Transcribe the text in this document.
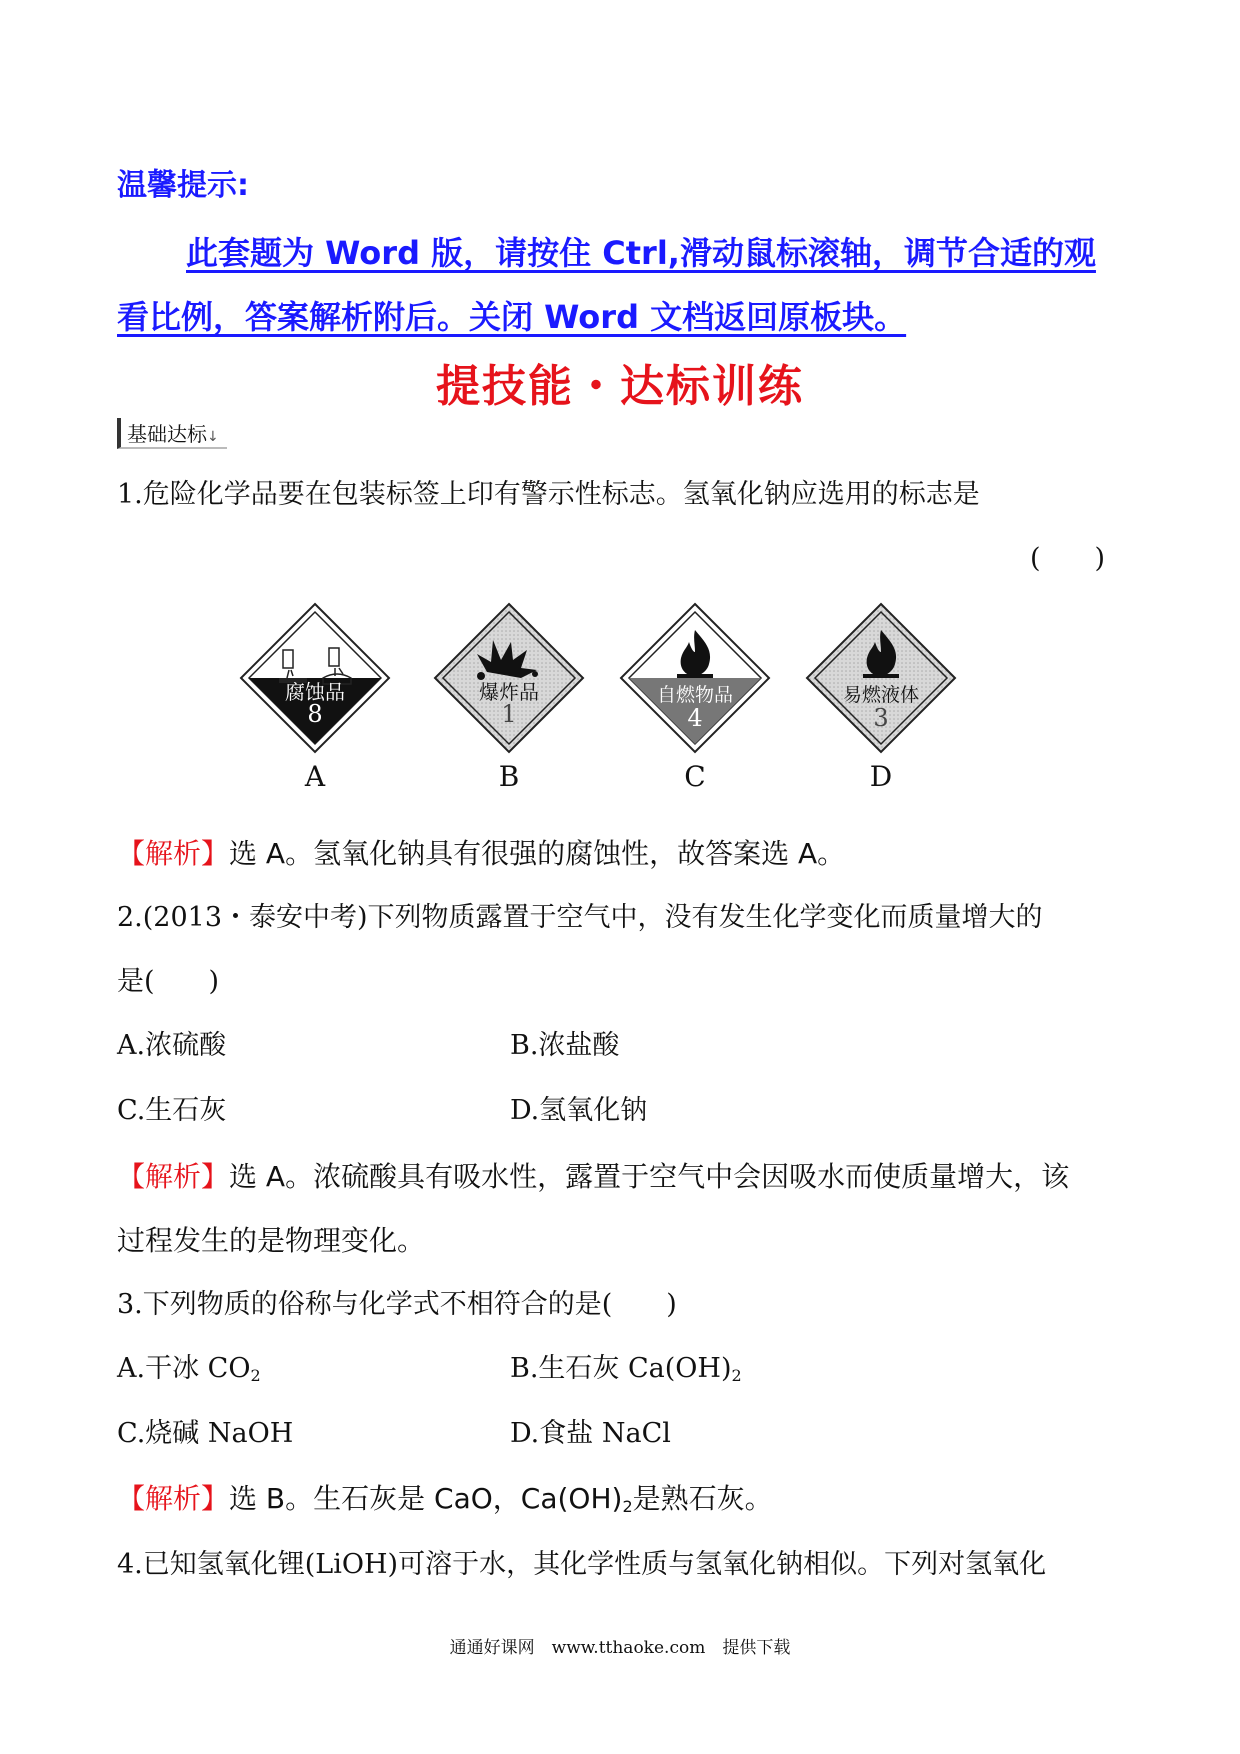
温馨提示:
此套题为 Word 版，请按住 Ctrl,滑动鼠标滚轴，调节合适的观
看比例，答案解析附后。关闭 Word 文档返回原板块。
提技能・达标训练
基础达标↓
1.危险化学品要在包装标签上印有警示性标志。氢氧化钠应选用的标志是
(　　)
腐蚀品
8
爆炸品
1
自燃物品
4
易燃液体
3
A	B	C	D
【解析】选 A。氢氧化钠具有很强的腐蚀性，故答案选 A。
2.(2013・泰安中考)下列物质露置于空气中，没有发生化学变化而质量增大的
是(　　)
A.浓硫酸	B.浓盐酸
C.生石灰	D.氢氧化钠
【解析】选 A。浓硫酸具有吸水性，露置于空气中会因吸水而使质量增大，该
过程发生的是物理变化。
3.下列物质的俗称与化学式不相符合的是(　　)
A.干冰 $CO_2$	B.生石灰 $Ca(OH)_2$
C.烧碱 NaOH	D.食盐 NaCl
【解析】选 B。生石灰是 CaO，$Ca(OH)_2$是熟石灰。
4.已知氢氧化锂(LiOH)可溶于水，其化学性质与氢氧化钠相似。下列对氢氧化
通通好课网　www.tthaoke.com　提供下载
